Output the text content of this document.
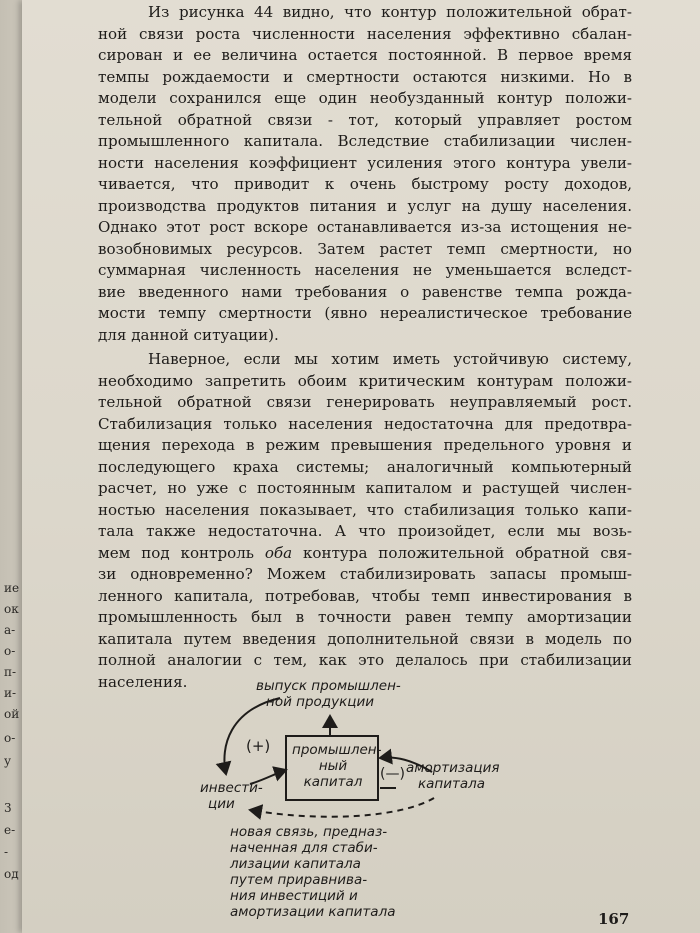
ие
ок
а-
о-
п-
и-
ой
о-
у
3
е-
-
од
Из рисунка 44 видно, что контур положительной обрат-
ной связи роста численности населения эффективно сбалан-
сирован и ее величина остается постоянной. В первое время
темпы рождаемости и смертности остаются низкими. Но в
модели сохранился еще один необузданный контур положи-
тельной обратной связи - тот, который управляет ростом
промышленного капитала. Вследствие стабилизации числен-
ности населения коэффициент усиления этого контура увели-
чивается, что приводит к очень быстрому росту доходов,
производства продуктов питания и услуг на душу населения.
Однако этот рост вскоре останавливается из-за истощения не-
возобновимых ресурсов. Затем растет темп смертности, но
суммарная численность населения не уменьшается вследст-
вие введенного нами требования о равенстве темпа рожда-
мости темпу смертности (явно нереалистическое требование
для данной ситуации).
Наверное, если мы хотим иметь устойчивую систему,
необходимо запретить обоим критическим контурам положи-
тельной обратной связи генерировать неуправляемый рост.
Стабилизация только населения недостаточна для предотвра-
щения перехода в режим превышения предельного уровня и
последующего краха системы; аналогичный компьютерный
расчет, но уже с постоянным капиталом и растущей числен-
ностью населения показывает, что стабилизация только капи-
тала также недостаточна. А что произойдет, если мы возь-
мем под контроль оба контура положительной обратной свя-
зи одновременно? Можем стабилизировать запасы промыш-
ленного капитала, потребовав, чтобы темп инвестирования в
промышленность был в точности равен темпу амортизации
капитала путем введения дополнительной связи в модель по
полной аналогии с тем, как это делалось при стабилизации
населения.	выпуск промышлен-
ной продукции
(+) промышлен-
ный
капитал	(—) амортизация
капитала
инвести-
ции
новая связь, предназ-
наченная для стаби-
лизации капитала
путем приравнива-
ния инвестиций и
амортизации капитала	167
